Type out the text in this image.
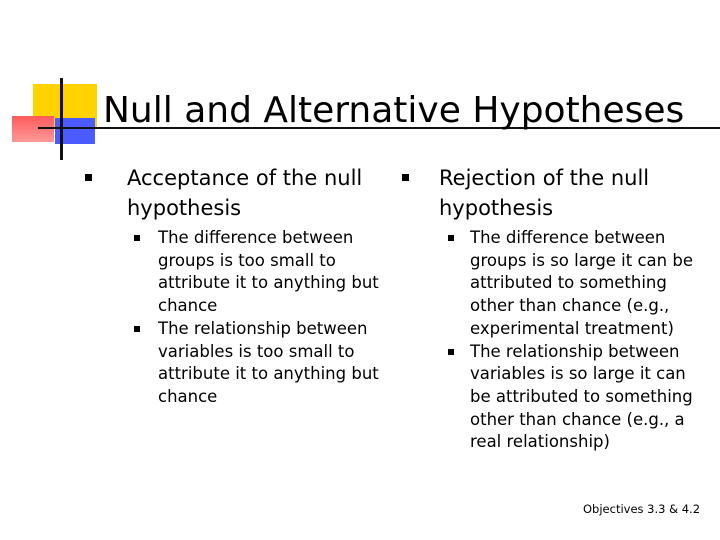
Null and Alternative Hypotheses
Acceptance of the null hypothesis
The difference between groups is too small to attribute it to anything but chance
The relationship between variables is too small to attribute it to anything but chance
Rejection of the null hypothesis
The difference between groups is so large it can be attributed to something other than chance (e.g., experimental treatment)
The relationship between variables is so large it can be attributed to something other than chance (e.g., a real relationship)
Objectives 3.3 & 4.2
